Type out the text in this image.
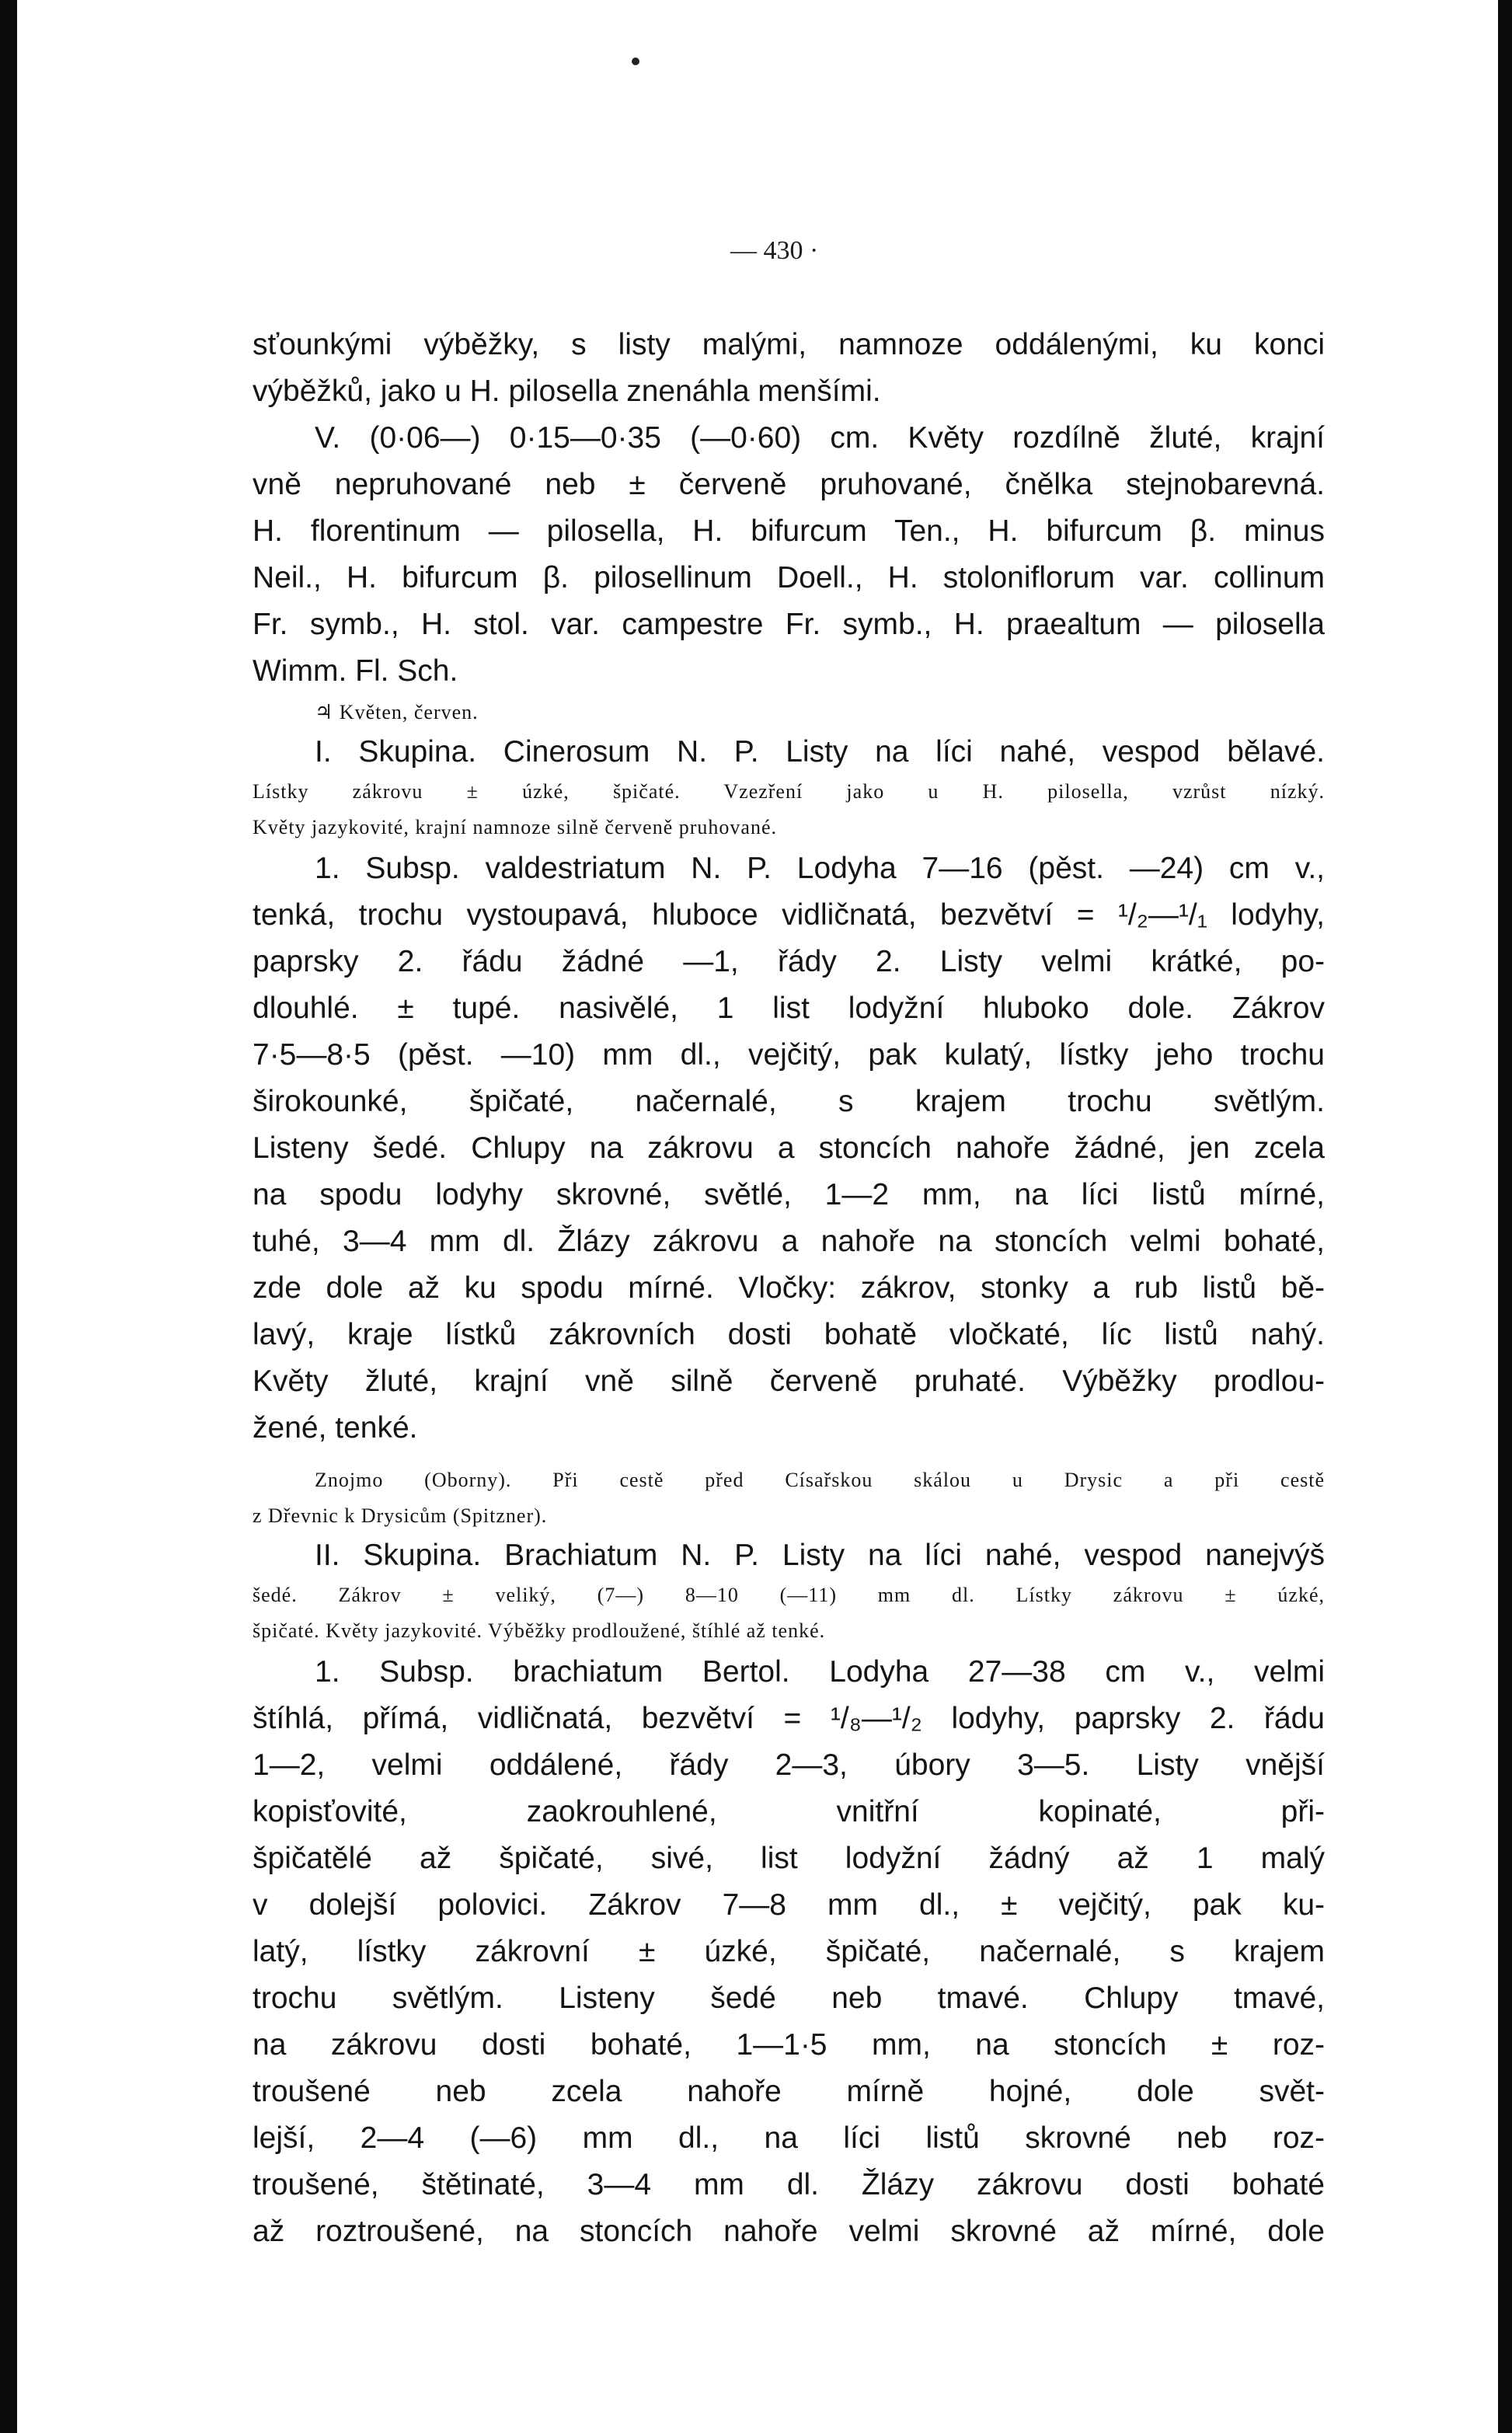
— 430 ·
sťounkými výběžky, s listy malými, namnoze oddálenými, ku konci
výběžků, jako u H. pilosella znenáhla menšími.
V. (0·06—) 0·15—0·35 (—0·60) cm. Květy rozdílně žluté, krajní
vně nepruhované neb ± červeně pruhované, čnělka stejnobarevná.
H. florentinum — pilosella, H. bifurcum Ten., H. bifurcum β. minus
Neil., H. bifurcum β. pilosellinum Doell., H. stoloniflorum var. collinum
Fr. symb., H. stol. var. campestre Fr. symb., H. praealtum — pilosella
Wimm. Fl. Sch.
♃ Květen, červen.
I. Skupina. Cinerosum N. P. Listy na líci nahé, vespod bělavé.
Lístky zákrovu ± úzké, špičaté. Vzezření jako u H. pilosella, vzrůst nízký.
Květy jazykovité, krajní namnoze silně červeně pruhované.
1. Subsp. valdestriatum N. P. Lodyha 7—16 (pěst. —24) cm v.,
tenká, trochu vystoupavá, hluboce vidličnatá, bezvětví = ¹/₂—¹/₁ lodyhy,
paprsky 2. řádu žádné —1, řády 2. Listy velmi krátké, po-
dlouhlé. ± tupé. nasivělé, 1 list lodyžní hluboko dole. Zákrov
7·5—8·5 (pěst. —10) mm dl., vejčitý, pak kulatý, lístky jeho trochu
širokounké, špičaté, načernalé, s krajem trochu světlým.
Listeny šedé. Chlupy na zákrovu a stoncích nahoře žádné, jen zcela
na spodu lodyhy skrovné, světlé, 1—2 mm, na líci listů mírné,
tuhé, 3—4 mm dl. Žlázy zákrovu a nahoře na stoncích velmi bohaté,
zde dole až ku spodu mírné. Vločky: zákrov, stonky a rub listů bě-
lavý, kraje lístků zákrovních dosti bohatě vločkaté, líc listů nahý.
Květy žluté, krajní vně silně červeně pruhaté. Výběžky prodlou-
žené, tenké.
Znojmo (Oborny). Při cestě před Císařskou skálou u Drysic a při cestě
z Dřevnic k Drysicům (Spitzner).
II. Skupina. Brachiatum N. P. Listy na líci nahé, vespod nanejvýš
šedé. Zákrov ± veliký, (7—) 8—10 (—11) mm dl. Lístky zákrovu ± úzké,
špičaté. Květy jazykovité. Výběžky prodloužené, štíhlé až tenké.
1. Subsp. brachiatum Bertol. Lodyha 27—38 cm v., velmi
štíhlá, přímá, vidličnatá, bezvětví = ¹/₈—¹/₂ lodyhy, paprsky 2. řádu
1—2, velmi oddálené, řády 2—3, úbory 3—5. Listy vnější
kopisťovité, zaokrouhlené, vnitřní kopinaté, při-
špičatělé až špičaté, sivé, list lodyžní žádný až 1 malý
v dolejší polovici. Zákrov 7—8 mm dl., ± vejčitý, pak ku-
latý, lístky zákrovní ± úzké, špičaté, načernalé, s krajem
trochu světlým. Listeny šedé neb tmavé. Chlupy tmavé,
na zákrovu dosti bohaté, 1—1·5 mm, na stoncích ± roz-
troušené neb zcela nahoře mírně hojné, dole svět-
lejší, 2—4 (—6) mm dl., na líci listů skrovné neb roz-
troušené, štětinaté, 3—4 mm dl. Žlázy zákrovu dosti bohaté
až roztroušené, na stoncích nahoře velmi skrovné až mírné, dole
